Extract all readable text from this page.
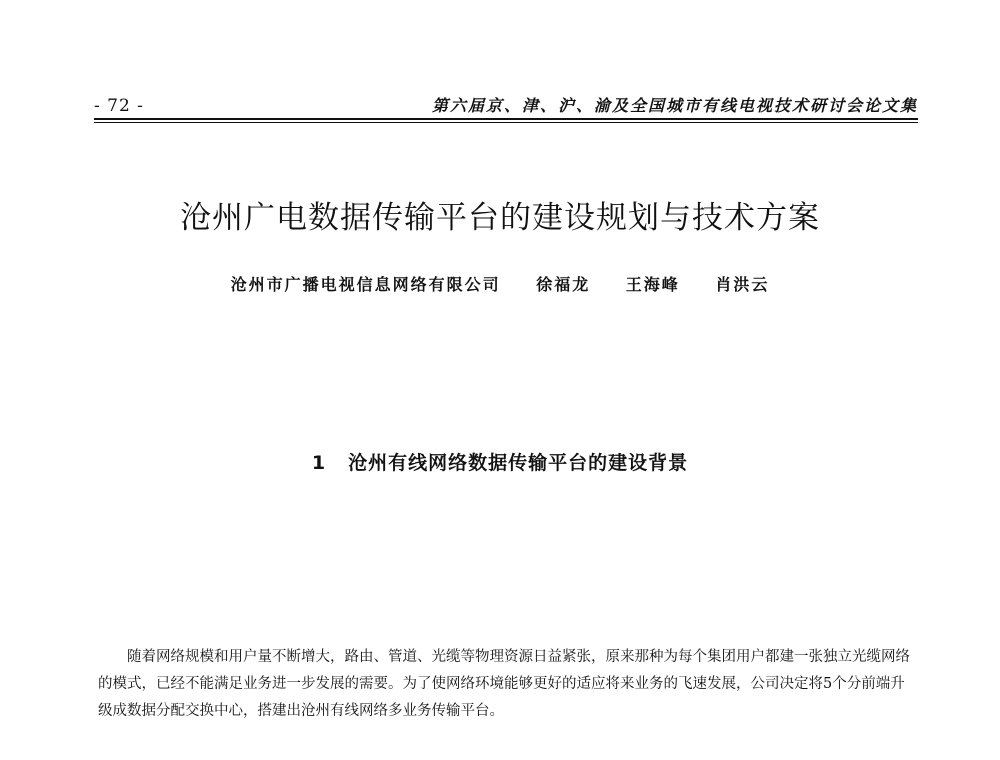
- 72 -	第六届京、津、沪、渝及全国城市有线电视技术研讨会论文集
沧州广电数据传输平台的建设规划与技术方案
沧州市广播电视信息网络有限公司 徐福龙 王海峰 肖洪云

1 沧州有线网络数据传输平台的建设背景

随着网络规模和用户量不断增大，路由、管道、光缆等物理资源日益紧张，原来那种为每个集团用户都建一张独立光缆网络的模式，已经不能满足业务进一步发展的需要。为了使网络环境能够更好的适应将来业务的飞速发展，公司决定将5个分前端升级成数据分配交换中心，搭建出沧州有线网络多业务传输平台。
